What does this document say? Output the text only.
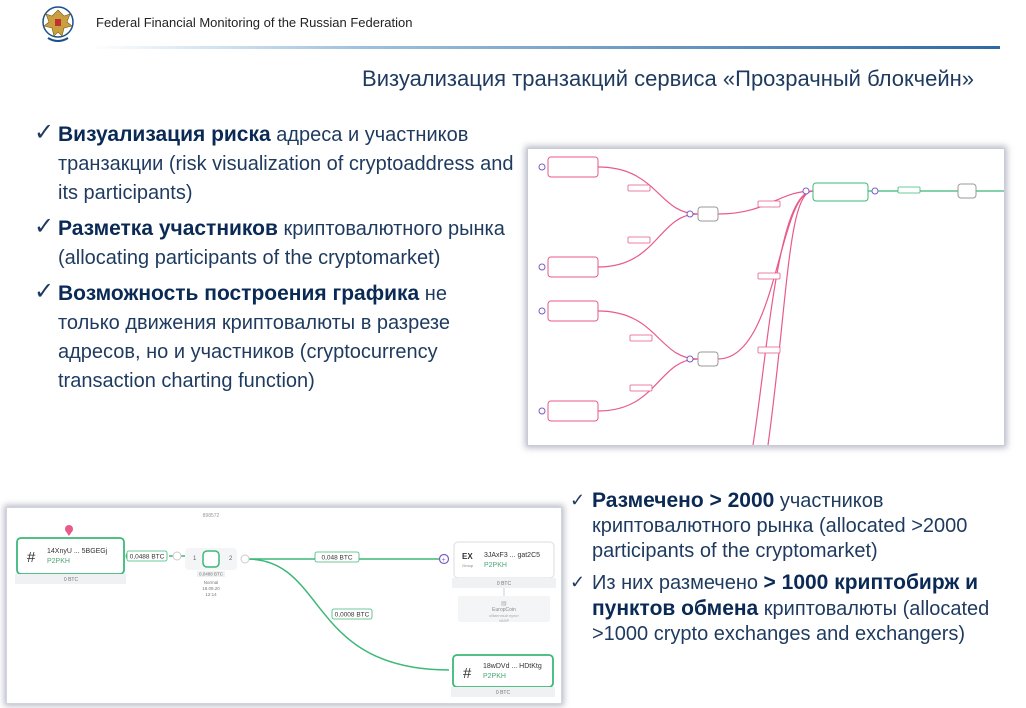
Federal Financial Monitoring of the Russian Federation
Визуализация транзакций сервиса «Прозрачный блокчейн»
✓ Визуализация риска адреса и участников транзакции (risk visualization of cryptoaddress and its participants)
✓ Разметка участников криптовалютного рынка (allocating participants of the cryptomarket)
✓ Возможность построения графика не только движения криптовалюты в разрезе адресов, но и участников (cryptocurrency transaction charting function)
# 14XnyU ... 5BGEGj
P2PKH
0 BTC
0,0488 BTC
898572
1	2
0,0488 BTC
Normal
18.09.20
12:14
0,048 BTC
0,0008 BTC
+ EX
Group
3JAxF3 ... gat2C5
P2PKH
0 BTC
▤
EuropCoin
обменный пункт
VASP
# 18wDVd ... HDtKtg
P2PKH
0 BTC
✓ Размечено > 2000 участников криптовалютного рынка (allocated >2000 participants of the cryptomarket)
✓ Из них размечено > 1000 криптобирж и пунктов обмена криптовалюты (allocated >1000 crypto exchanges and exchangers)
